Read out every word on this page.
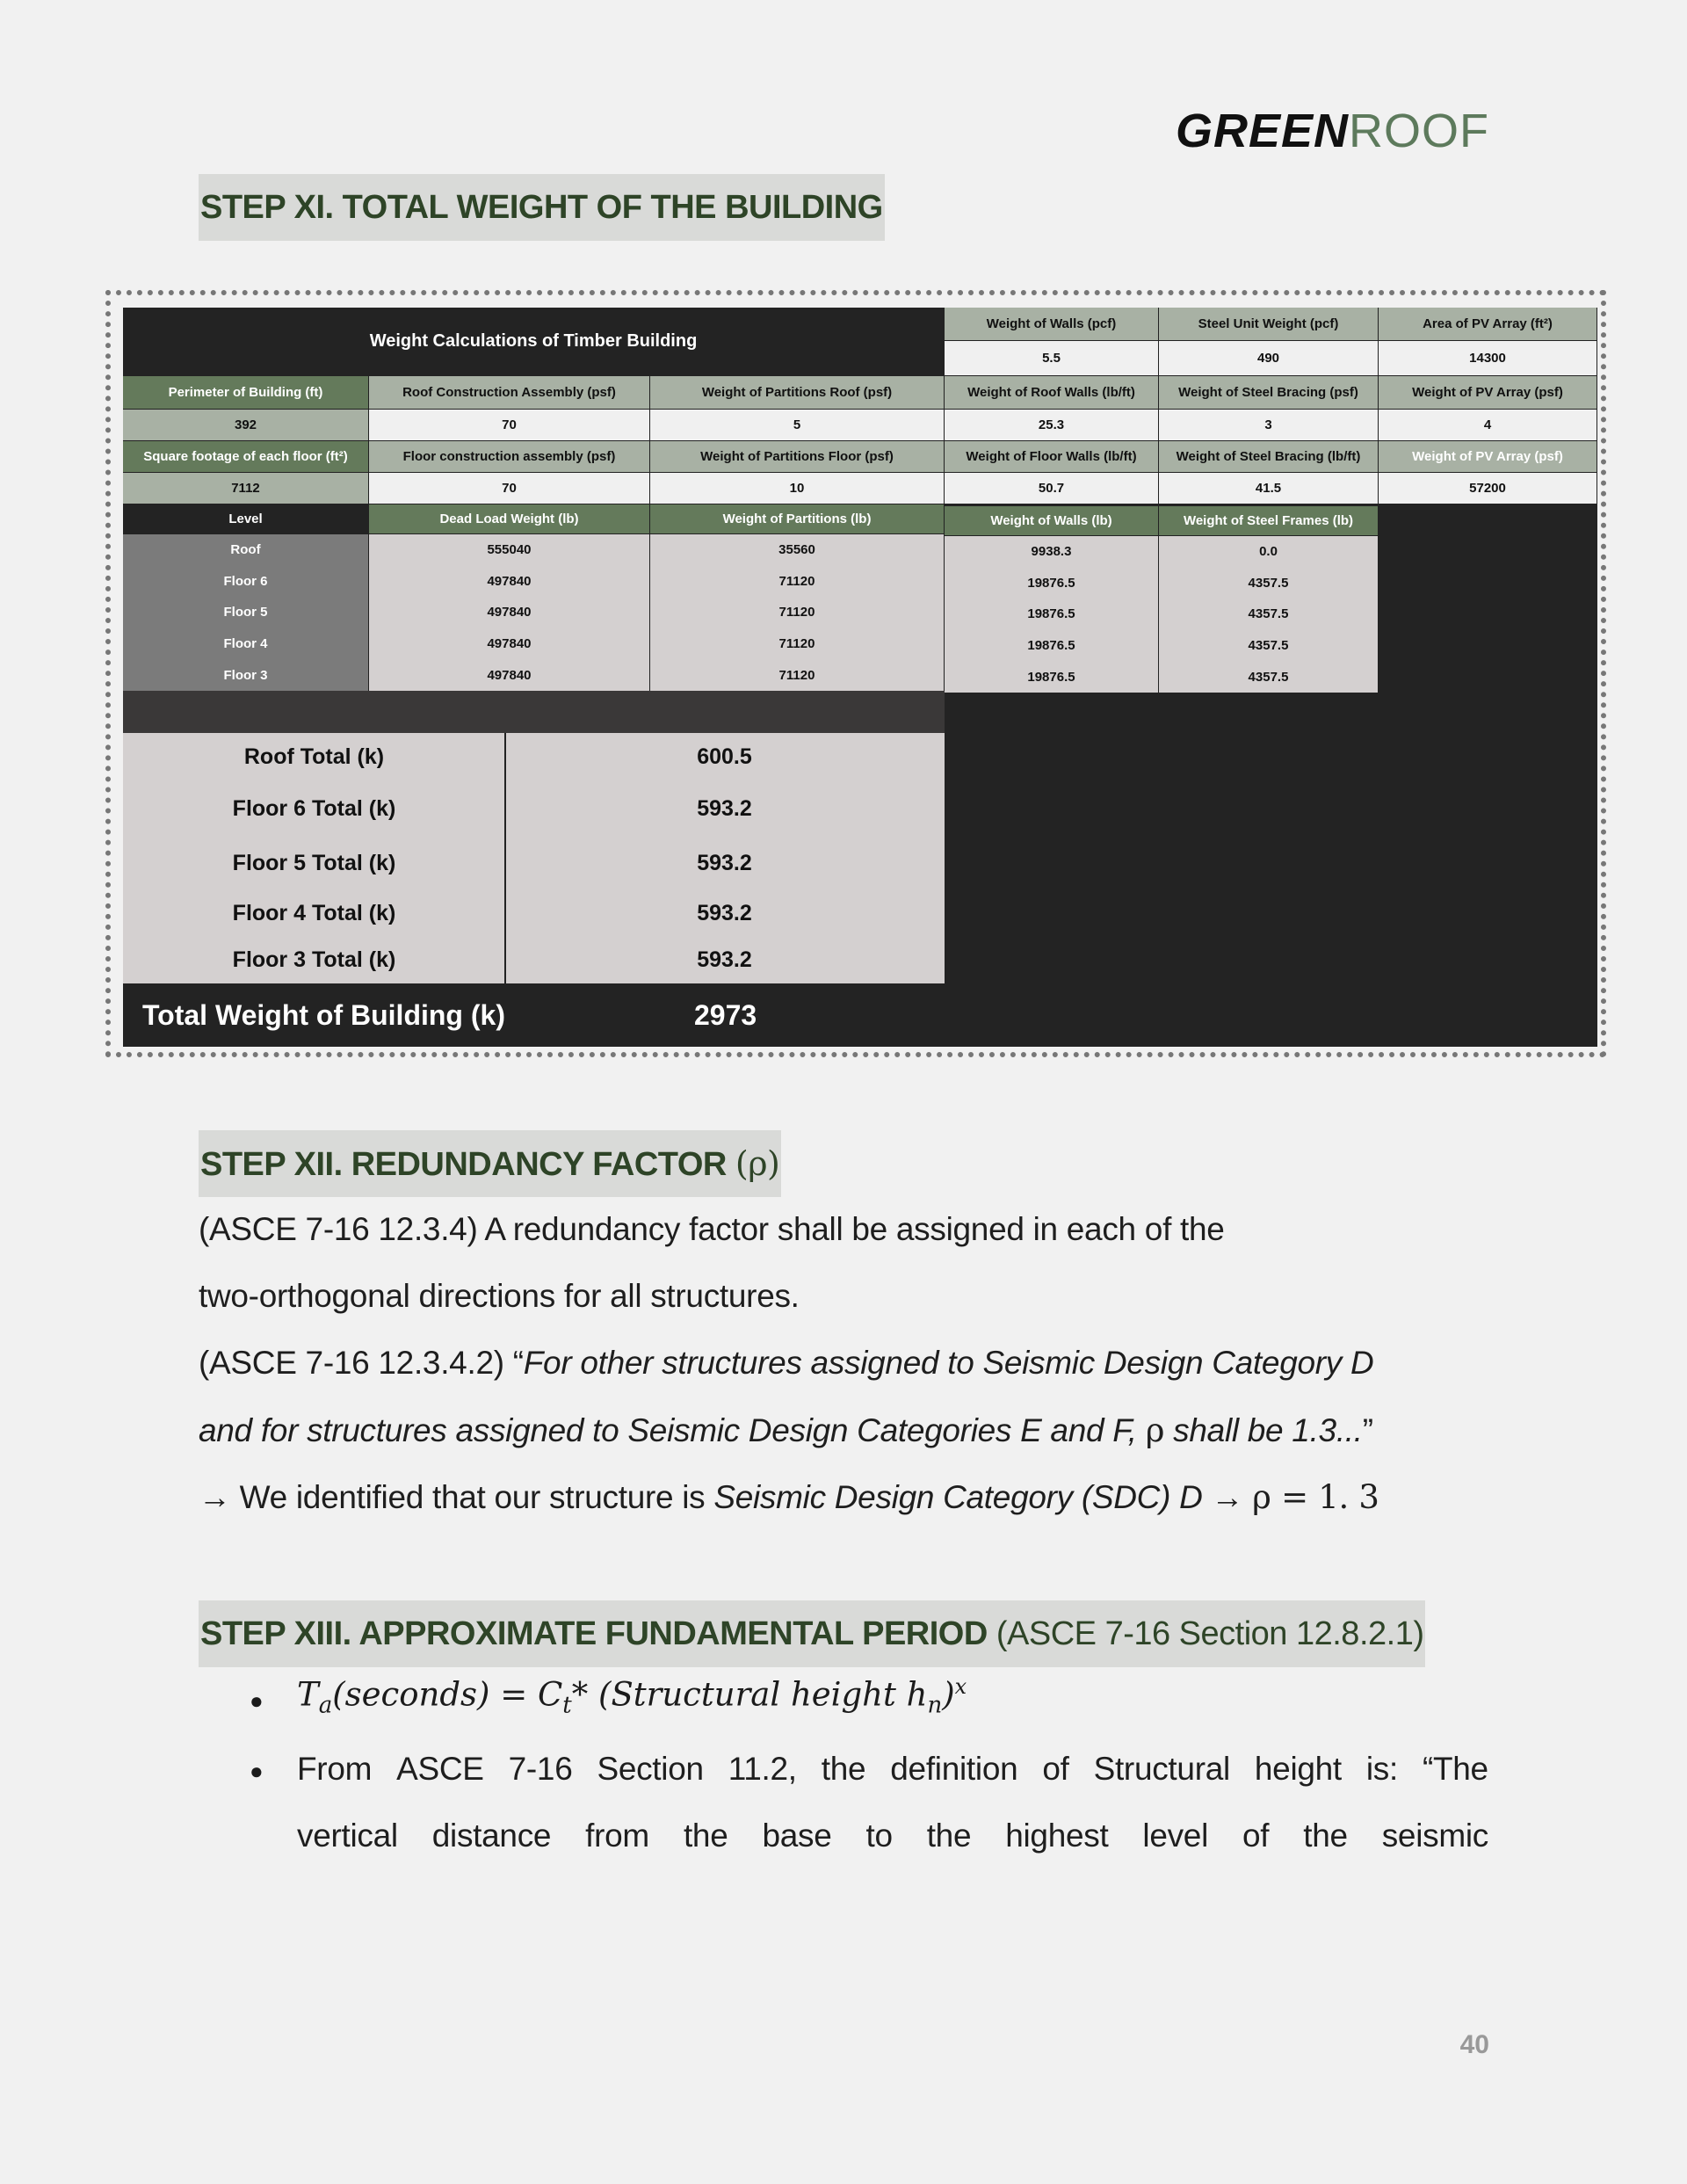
GREENROOF
STEP XI. TOTAL WEIGHT OF THE BUILDING
Weight Calculations of Timber Building
Weight of Walls (pcf)	Steel Unit Weight (pcf)	Area of PV Array (ft²)
5.5	490	14300
Perimeter of Building (ft)	Roof Construction Assembly (psf)	Weight of Partitions Roof (psf)	Weight of Roof Walls (lb/ft)	Weight of Steel Bracing (psf)	Weight of PV Array (psf)
392	70	5	25.3	3	4
Square footage of each floor (ft²)	Floor construction assembly (psf)	Weight of Partitions Floor (psf)	Weight of Floor Walls (lb/ft)	Weight of Steel Bracing (lb/ft)	Weight of PV Array (psf)
7112	70	10	50.7	41.5	57200
Level	Dead Load Weight (lb)	Weight of Partitions (lb)	Weight of Walls (lb)	Weight of Steel Frames (lb)
Roof	555040	35560	9938.3	0.0
Floor 6	497840	71120	19876.5	4357.5
Floor 5	497840	71120	19876.5	4357.5
Floor 4	497840	71120	19876.5	4357.5
Floor 3	497840	71120	19876.5	4357.5
Roof Total (k)	600.5
Floor 6 Total (k)	593.2
Floor 5 Total (k)	593.2
Floor 4 Total (k)	593.2
Floor 3 Total (k)	593.2
Total Weight of Building (k)	2973
STEP XII. REDUNDANCY FACTOR (ρ)
(ASCE 7-16 12.3.4) A redundancy factor shall be assigned in each of the
two-orthogonal directions for all structures.
(ASCE 7-16 12.3.4.2) “For other structures assigned to Seismic Design Category D
and for structures assigned to Seismic Design Categories E and F, ρ shall be 1.3...”
→ We identified that our structure is Seismic Design Category (SDC) D → ρ = 1. 3
STEP XIII. APPROXIMATE FUNDAMENTAL PERIOD (ASCE 7-16 Section 12.8.2.1)
● $T_a(seconds) = C_t*$ (Structural height $h_n)^x$
● From ASCE 7-16 Section 11.2, the definition of Structural height is: “The
vertical distance from the base to the highest level of the seismic
40
